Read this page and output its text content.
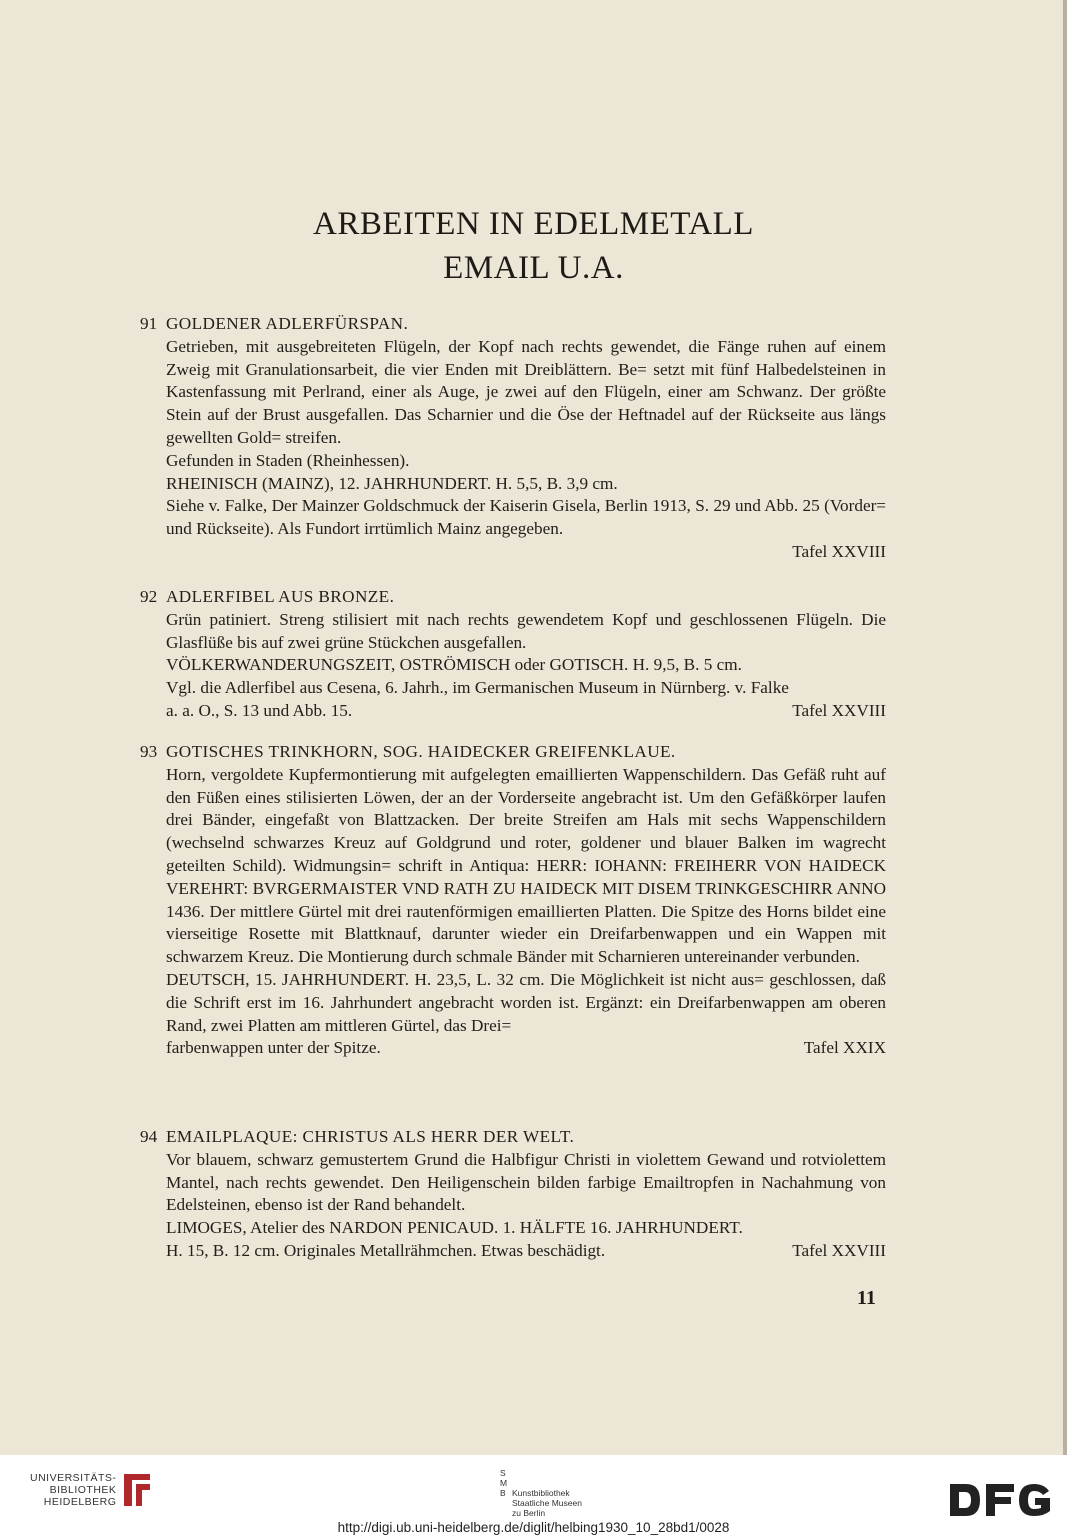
ARBEITEN IN EDELMETALL
EMAIL U.A.
91 GOLDENER ADLERFÜRSPAN.

Getrieben, mit ausgebreiteten Flügeln, der Kopf nach rechts gewendet, die Fänge ruhen auf einem Zweig mit Granulationsarbeit, die vier Enden mit Dreiblättern. Be= setzt mit fünf Halbedelsteinen in Kastenfassung mit Perlrand, einer als Auge, je zwei auf den Flügeln, einer am Schwanz. Der größte Stein auf der Brust ausgefallen. Das Scharnier und die Öse der Heftnadel auf der Rückseite aus längs gewellten Gold= streifen.

Gefunden in Staden (Rheinhessen).

RHEINISCH (MAINZ), 12. JAHRHUNDERT. H. 5,5, B. 3,9 cm.

Siehe v. Falke, Der Mainzer Goldschmuck der Kaiserin Gisela, Berlin 1913, S. 29 und Abb. 25 (Vorder= und Rückseite). Als Fundort irrtümlich Mainz angegeben.

Tafel XXVIII
92 ADLERFIBEL AUS BRONZE.

Grün patiniert. Streng stilisiert mit nach rechts gewendetem Kopf und geschlossenen Flügeln. Die Glasflüße bis auf zwei grüne Stückchen ausgefallen.

VÖLKERWANDERUNGSZEIT, OSTRÖMISCH oder GOTISCH. H. 9,5, B. 5 cm.

Vgl. die Adlerfibel aus Cesena, 6. Jahrh., im Germanischen Museum in Nürnberg. v. Falke

a. a. O., S. 13 und Abb. 15.	Tafel XXVIII
93 GOTISCHES TRINKHORN, SOG. HAIDECKER GREIFENKLAUE.

Horn, vergoldete Kupfermontierung mit aufgelegten emaillierten Wappenschildern. Das Gefäß ruht auf den Füßen eines stilisierten Löwen, der an der Vorderseite angebracht ist. Um den Gefäßkörper laufen drei Bänder, eingefaßt von Blattzacken. Der breite Streifen am Hals mit sechs Wappenschildern (wechselnd schwarzes Kreuz auf Goldgrund und roter, goldener und blauer Balken im wagrecht geteilten Schild). Widmungsin= schrift in Antiqua: HERR: IOHANN: FREIHERR VON HAIDECK VEREHRT: BVRGERMAISTER VND RATH ZU HAIDECK MIT DISEM TRINKGESCHIRR ANNO 1436. Der mittlere Gürtel mit drei rautenförmigen emaillierten Platten. Die Spitze des Horns bildet eine vierseitige Rosette mit Blattknauf, darunter wieder ein Dreifarbenwappen und ein Wappen mit schwarzem Kreuz. Die Montierung durch schmale Bänder mit Scharnieren untereinander verbunden.

DEUTSCH, 15. JAHRHUNDERT. H. 23,5, L. 32 cm. Die Möglichkeit ist nicht aus= geschlossen, daß die Schrift erst im 16. Jahrhundert angebracht worden ist. Ergänzt: ein Dreifarbenwappen am oberen Rand, zwei Platten am mittleren Gürtel, das Drei=

farbenwappen unter der Spitze.	Tafel XXIX
94 EMAILPLAQUE: CHRISTUS ALS HERR DER WELT.

Vor blauem, schwarz gemustertem Grund die Halbfigur Christi in violettem Gewand und rotviolettem Mantel, nach rechts gewendet. Den Heiligenschein bilden farbige Emailtropfen in Nachahmung von Edelsteinen, ebenso ist der Rand behandelt.

LIMOGES, Atelier des NARDON PENICAUD. 1. HÄLFTE 16. JAHRHUNDERT.

H. 15, B. 12 cm. Originales Metallrähmchen. Etwas beschädigt.	Tafel XXVIII
11
UNIVERSITÄTS-
BIBLIOTHEK
HEIDELBERG
S
M
B Kunstbibliothek
Staatliche Museen
zu Berlin
http://digi.ub.uni-heidelberg.de/diglit/helbing1930_10_28bd1/0028
